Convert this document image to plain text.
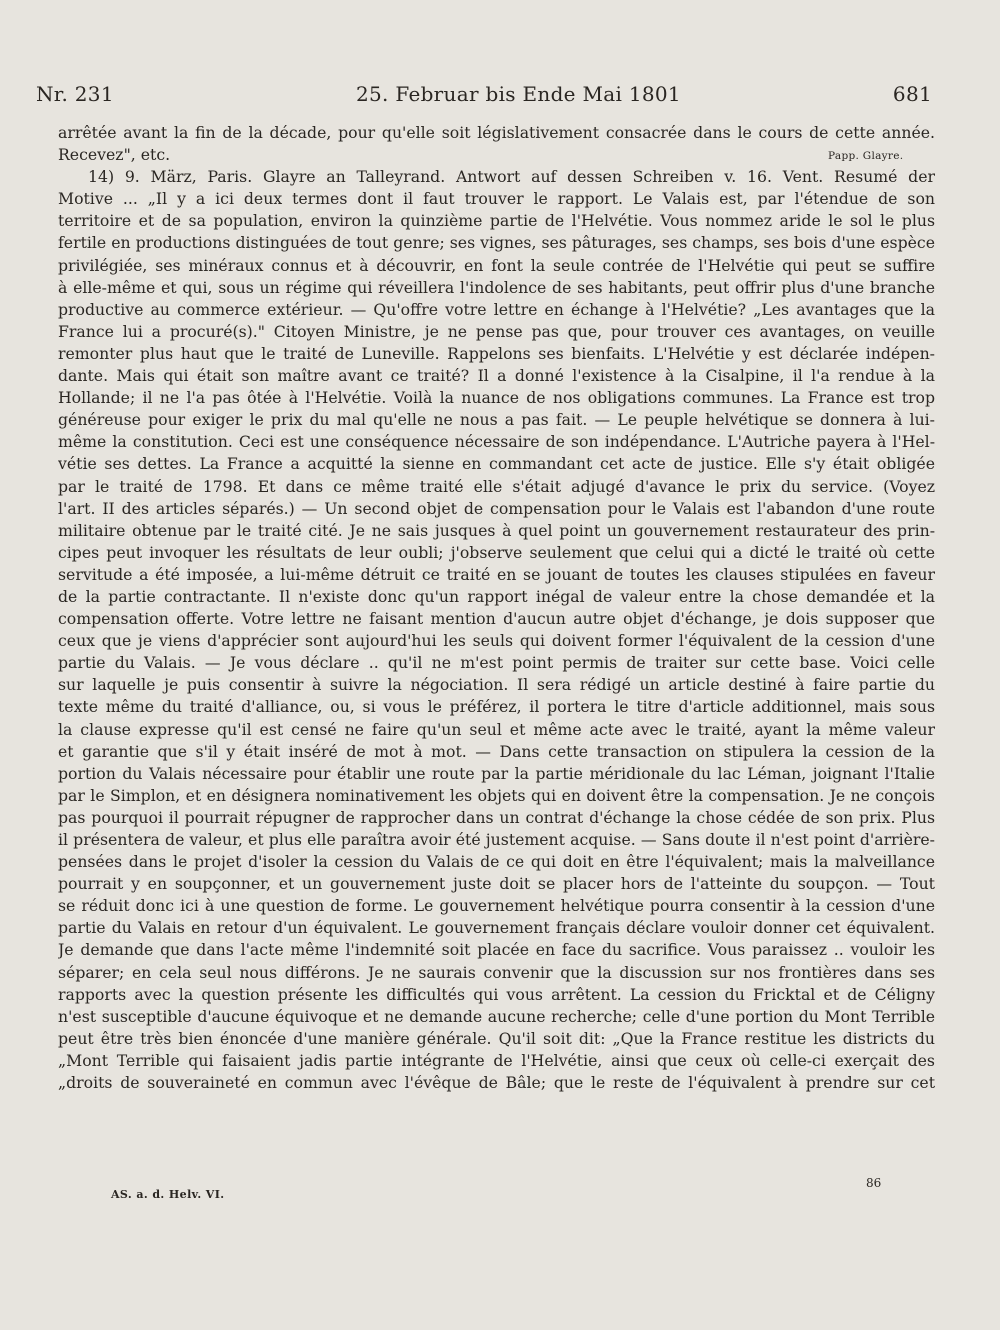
Nr. 231	25. Februar bis Ende Mai 1801	681
Papp. Glayre.
arrêtée avant la fin de la décade, pour qu'elle soit législativement consacrée dans le cours de cette année.
Recevez", etc.
14) 9. März, Paris. Glayre an Talleyrand. Antwort auf dessen Schreiben v. 16. Vent. Resumé der
Motive ... „Il y a ici deux termes dont il faut trouver le rapport. Le Valais est, par l'étendue de son
territoire et de sa population, environ la quinzième partie de l'Helvétie. Vous nommez aride le sol le plus
fertile en productions distinguées de tout genre; ses vignes, ses pâturages, ses champs, ses bois d'une espèce
privilégiée, ses minéraux connus et à découvrir, en font la seule contrée de l'Helvétie qui peut se suffire
à elle-même et qui, sous un régime qui réveillera l'indolence de ses habitants, peut offrir plus d'une branche
productive au commerce extérieur. — Qu'offre votre lettre en échange à l'Helvétie? „Les avantages que la
France lui a procuré(s)." Citoyen Ministre, je ne pense pas que, pour trouver ces avantages, on veuille
remonter plus haut que le traité de Luneville. Rappelons ses bienfaits. L'Helvétie y est déclarée indépen-
dante. Mais qui était son maître avant ce traité? Il a donné l'existence à la Cisalpine, il l'a rendue à la
Hollande; il ne l'a pas ôtée à l'Helvétie. Voilà la nuance de nos obligations communes. La France est trop
généreuse pour exiger le prix du mal qu'elle ne nous a pas fait. — Le peuple helvétique se donnera à lui-
même la constitution. Ceci est une conséquence nécessaire de son indépendance. L'Autriche payera à l'Hel-
vétie ses dettes. La France a acquitté la sienne en commandant cet acte de justice. Elle s'y était obligée
par le traité de 1798. Et dans ce même traité elle s'était adjugé d'avance le prix du service. (Voyez
l'art. II des articles séparés.) — Un second objet de compensation pour le Valais est l'abandon d'une route
militaire obtenue par le traité cité. Je ne sais jusques à quel point un gouvernement restaurateur des prin-
cipes peut invoquer les résultats de leur oubli; j'observe seulement que celui qui a dicté le traité où cette
servitude a été imposée, a lui-même détruit ce traité en se jouant de toutes les clauses stipulées en faveur
de la partie contractante. Il n'existe donc qu'un rapport inégal de valeur entre la chose demandée et la
compensation offerte. Votre lettre ne faisant mention d'aucun autre objet d'échange, je dois supposer que
ceux que je viens d'apprécier sont aujourd'hui les seuls qui doivent former l'équivalent de la cession d'une
partie du Valais. — Je vous déclare .. qu'il ne m'est point permis de traiter sur cette base. Voici celle
sur laquelle je puis consentir à suivre la négociation. Il sera rédigé un article destiné à faire partie du
texte même du traité d'alliance, ou, si vous le préférez, il portera le titre d'article additionnel, mais sous
la clause expresse qu'il est censé ne faire qu'un seul et même acte avec le traité, ayant la même valeur
et garantie que s'il y était inséré de mot à mot. — Dans cette transaction on stipulera la cession de la
portion du Valais nécessaire pour établir une route par la partie méridionale du lac Léman, joignant l'Italie
par le Simplon, et en désignera nominativement les objets qui en doivent être la compensation. Je ne conçois
pas pourquoi il pourrait répugner de rapprocher dans un contrat d'échange la chose cédée de son prix. Plus
il présentera de valeur, et plus elle paraîtra avoir été justement acquise. — Sans doute il n'est point d'arrière-
pensées dans le projet d'isoler la cession du Valais de ce qui doit en être l'équivalent; mais la malveillance
pourrait y en soupçonner, et un gouvernement juste doit se placer hors de l'atteinte du soupçon. — Tout
se réduit donc ici à une question de forme. Le gouvernement helvétique pourra consentir à la cession d'une
partie du Valais en retour d'un équivalent. Le gouvernement français déclare vouloir donner cet équivalent.
Je demande que dans l'acte même l'indemnité soit placée en face du sacrifice. Vous paraissez .. vouloir les
séparer; en cela seul nous différons. Je ne saurais convenir que la discussion sur nos frontières dans ses
rapports avec la question présente les difficultés qui vous arrêtent. La cession du Fricktal et de Céligny
n'est susceptible d'aucune équivoque et ne demande aucune recherche; celle d'une portion du Mont Terrible
peut être très bien énoncée d'une manière générale. Qu'il soit dit: „Que la France restitue les districts du
„Mont Terrible qui faisaient jadis partie intégrante de l'Helvétie, ainsi que ceux où celle-ci exerçait des
„droits de souveraineté en commun avec l'évêque de Bâle; que le reste de l'équivalent à prendre sur cet
AS. a. d. Helv. VI.
86
